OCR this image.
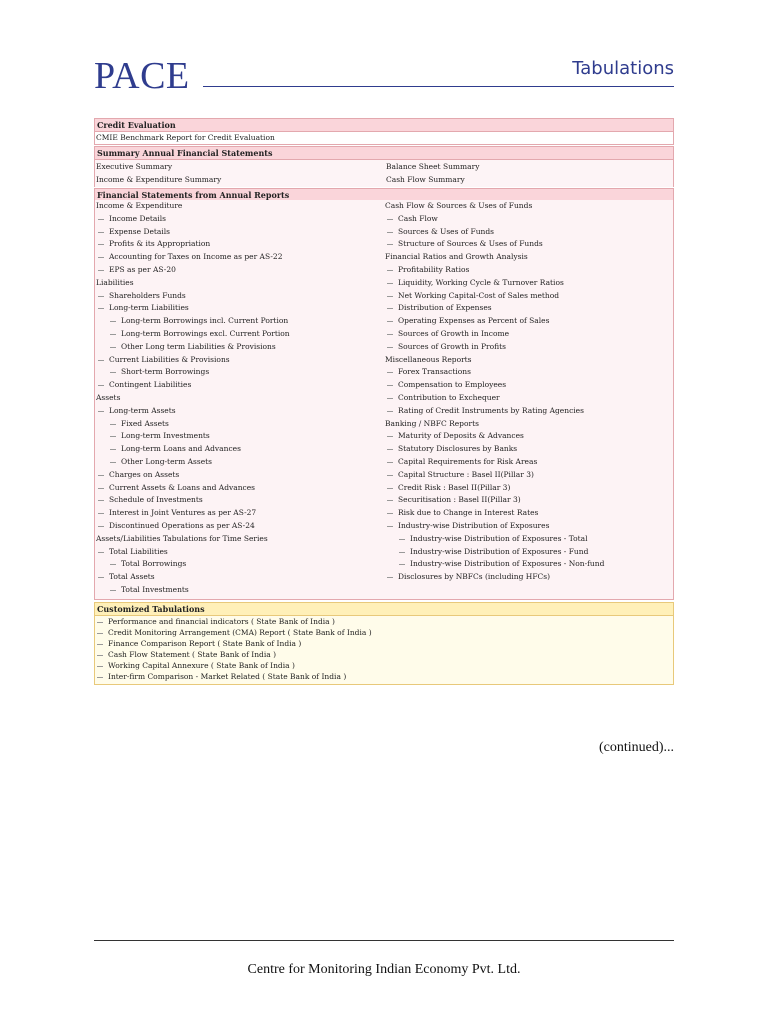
PACE	Tabulations
Credit Evaluation
CMIE Benchmark Report for Credit Evaluation
Summary Annual Financial Statements
Executive Summary
Income & Expenditure Summary
Balance Sheet Summary
Cash Flow Summary
Financial Statements from Annual Reports
Income & Expenditure
Income Details
Expense Details
Profits & its Appropriation
Accounting for Taxes on Income as per AS-22
EPS as per AS-20
Liabilities
Shareholders Funds
Long-term Liabilities
Long-term Borrowings incl. Current Portion
Long-term Borrowings excl. Current Portion
Other Long term Liabilities & Provisions
Current Liabilities & Provisions
Short-term Borrowings
Contingent Liabilities
Assets
Long-term Assets
Fixed Assets
Long-term Investments
Long-term Loans and Advances
Other Long-term Assets
Charges on Assets
Current Assets & Loans and Advances
Schedule of Investments
Interest in Joint Ventures as per AS-27
Discontinued Operations as per AS-24
Assets/Liabilities Tabulations for Time Series
Total Liabilities
Total Borrowings
Total Assets
Total Investments
Cash Flow & Sources & Uses of Funds
Cash Flow
Sources & Uses of Funds
Structure of Sources & Uses of Funds
Financial Ratios and Growth Analysis
Profitability Ratios
Liquidity, Working Cycle & Turnover Ratios
Net Working Capital-Cost of Sales method
Distribution of Expenses
Operating Expenses as Percent of Sales
Sources of Growth in Income
Sources of Growth in Profits
Miscellaneous Reports
Forex Transactions
Compensation to Employees
Contribution to Exchequer
Rating of Credit Instruments by Rating Agencies
Banking / NBFC Reports
Maturity of Deposits & Advances
Statutory Disclosures by Banks
Capital Requirements for Risk Areas
Capital Structure : Basel II(Pillar 3)
Credit Risk : Basel II(Pillar 3)
Securitisation : Basel II(Pillar 3)
Risk due to Change in Interest Rates
Industry-wise Distribution of Exposures
Industry-wise Distribution of Exposures - Total
Industry-wise Distribution of Exposures - Fund
Industry-wise Distribution of Exposures - Non-fund
Disclosures by NBFCs (including HFCs)
Customized Tabulations
Performance and financial indicators ( State Bank of India )
Credit Monitoring Arrangement (CMA) Report ( State Bank of India )
Finance Comparison Report ( State Bank of India )
Cash Flow Statement ( State Bank of India )
Working Capital Annexure ( State Bank of India )
Inter-firm Comparison - Market Related ( State Bank of India )
(continued)...
Centre for Monitoring Indian Economy Pvt. Ltd.
